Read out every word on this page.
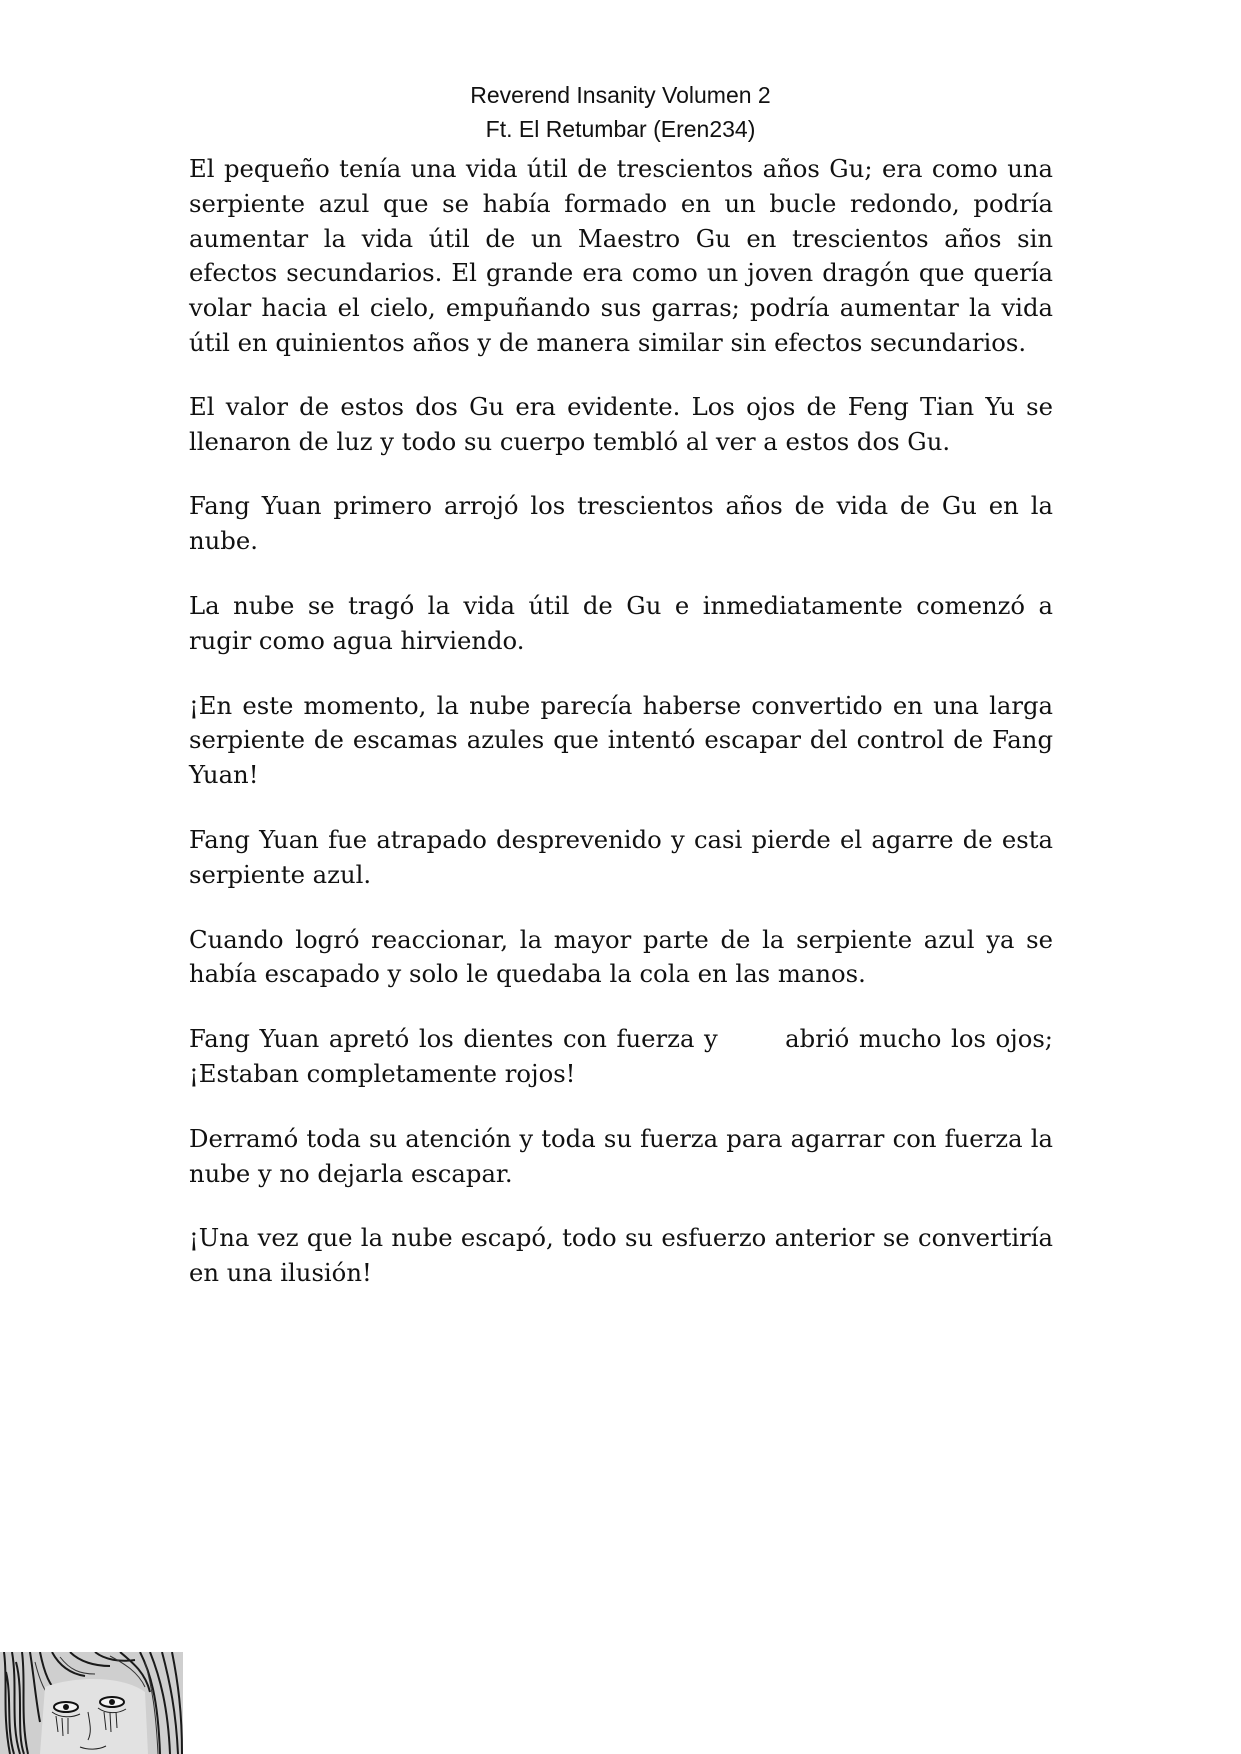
Reverend Insanity Volumen 2
Ft. El Retumbar (Eren234)

El pequeño tenía una vida útil de trescientos años Gu; era como una serpiente azul que se había formado en un bucle redondo, podría aumentar la vida útil de un Maestro Gu en trescientos años sin efectos secundarios. El grande era como un joven dragón que quería volar hacia el cielo, empuñando sus garras; podría aumentar la vida útil en quinientos años y de manera similar sin efectos secundarios.

El valor de estos dos Gu era evidente. Los ojos de Feng Tian Yu se llenaron de luz y todo su cuerpo tembló al ver a estos dos Gu.

Fang Yuan primero arrojó los trescientos años de vida de Gu en la nube.

La nube se tragó la vida útil de Gu e inmediatamente comenzó a rugir como agua hirviendo.

¡En este momento, la nube parecía haberse convertido en una larga serpiente de escamas azules que intentó escapar del control de Fang Yuan!

Fang Yuan fue atrapado desprevenido y casi pierde el agarre de esta serpiente azul.

Cuando logró reaccionar, la mayor parte de la serpiente azul ya se había escapado y solo le quedaba la cola en las manos.

Fang Yuan apretó los dientes con fuerza y       abrió mucho los ojos; ¡Estaban completamente rojos!

Derramó toda su atención y toda su fuerza para agarrar con fuerza la nube y no dejarla escapar.

¡Una vez que la nube escapó, todo su esfuerzo anterior se convertiría en una ilusión!
